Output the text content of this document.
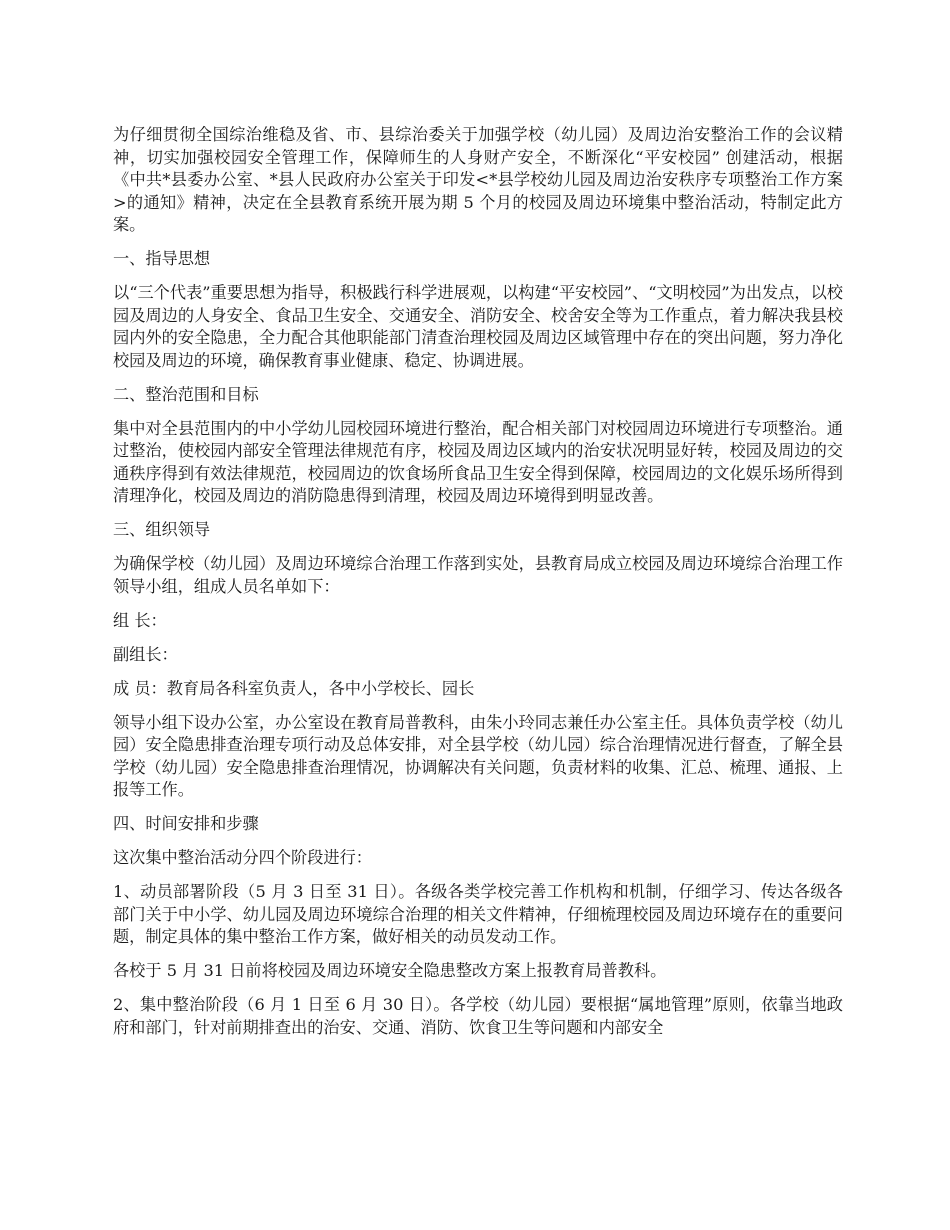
为仔细贯彻全国综治维稳及省、市、县综治委关于加强学校（幼儿园）及周边治安整治工作的会议精神，切实加强校园安全管理工作，保障师生的人身财产安全，不断深化“平安校园” 创建活动，根据《中共*县委办公室、*县人民政府办公室关于印发<*县学校幼儿园及周边治安秩序专项整治工作方案>的通知》精神，决定在全县教育系统开展为期 5 个月的校园及周边环境集中整治活动，特制定此方案。

一、指导思想

以“三个代表”重要思想为指导，积极践行科学进展观，以构建“平安校园”、“文明校园”为出发点，以校园及周边的人身安全、食品卫生安全、交通安全、消防安全、校舍安全等为工作重点，着力解决我县校园内外的安全隐患，全力配合其他职能部门清查治理校园及周边区域管理中存在的突出问题，努力净化校园及周边的环境，确保教育事业健康、稳定、协调进展。

二、整治范围和目标

集中对全县范围内的中小学幼儿园校园环境进行整治，配合相关部门对校园周边环境进行专项整治。通过整治，使校园内部安全管理法律规范有序，校园及周边区域内的治安状况明显好转，校园及周边的交通秩序得到有效法律规范，校园周边的饮食场所食品卫生安全得到保障，校园周边的文化娱乐场所得到清理净化，校园及周边的消防隐患得到清理，校园及周边环境得到明显改善。

三、组织领导

为确保学校（幼儿园）及周边环境综合治理工作落到实处，县教育局成立校园及周边环境综合治理工作领导小组，组成人员名单如下：

组 长：

副组长：

成 员：教育局各科室负责人，各中小学校长、园长

领导小组下设办公室，办公室设在教育局普教科，由朱小玲同志兼任办公室主任。具体负责学校（幼儿园）安全隐患排查治理专项行动及总体安排，对全县学校（幼儿园）综合治理情况进行督查，了解全县学校（幼儿园）安全隐患排查治理情况，协调解决有关问题，负责材料的收集、汇总、梳理、通报、上报等工作。

四、时间安排和步骤

这次集中整治活动分四个阶段进行：

1、动员部署阶段（5 月 3 日至 31 日）。各级各类学校完善工作机构和机制，仔细学习、传达各级各部门关于中小学、幼儿园及周边环境综合治理的相关文件精神，仔细梳理校园及周边环境存在的重要问题，制定具体的集中整治工作方案，做好相关的动员发动工作。

各校于 5 月 31 日前将校园及周边环境安全隐患整改方案上报教育局普教科。

2、集中整治阶段（6 月 1 日至 6 月 30 日）。各学校（幼儿园）要根据“属地管理”原则，依靠当地政府和部门，针对前期排查出的治安、交通、消防、饮食卫生等问题和内部安全
